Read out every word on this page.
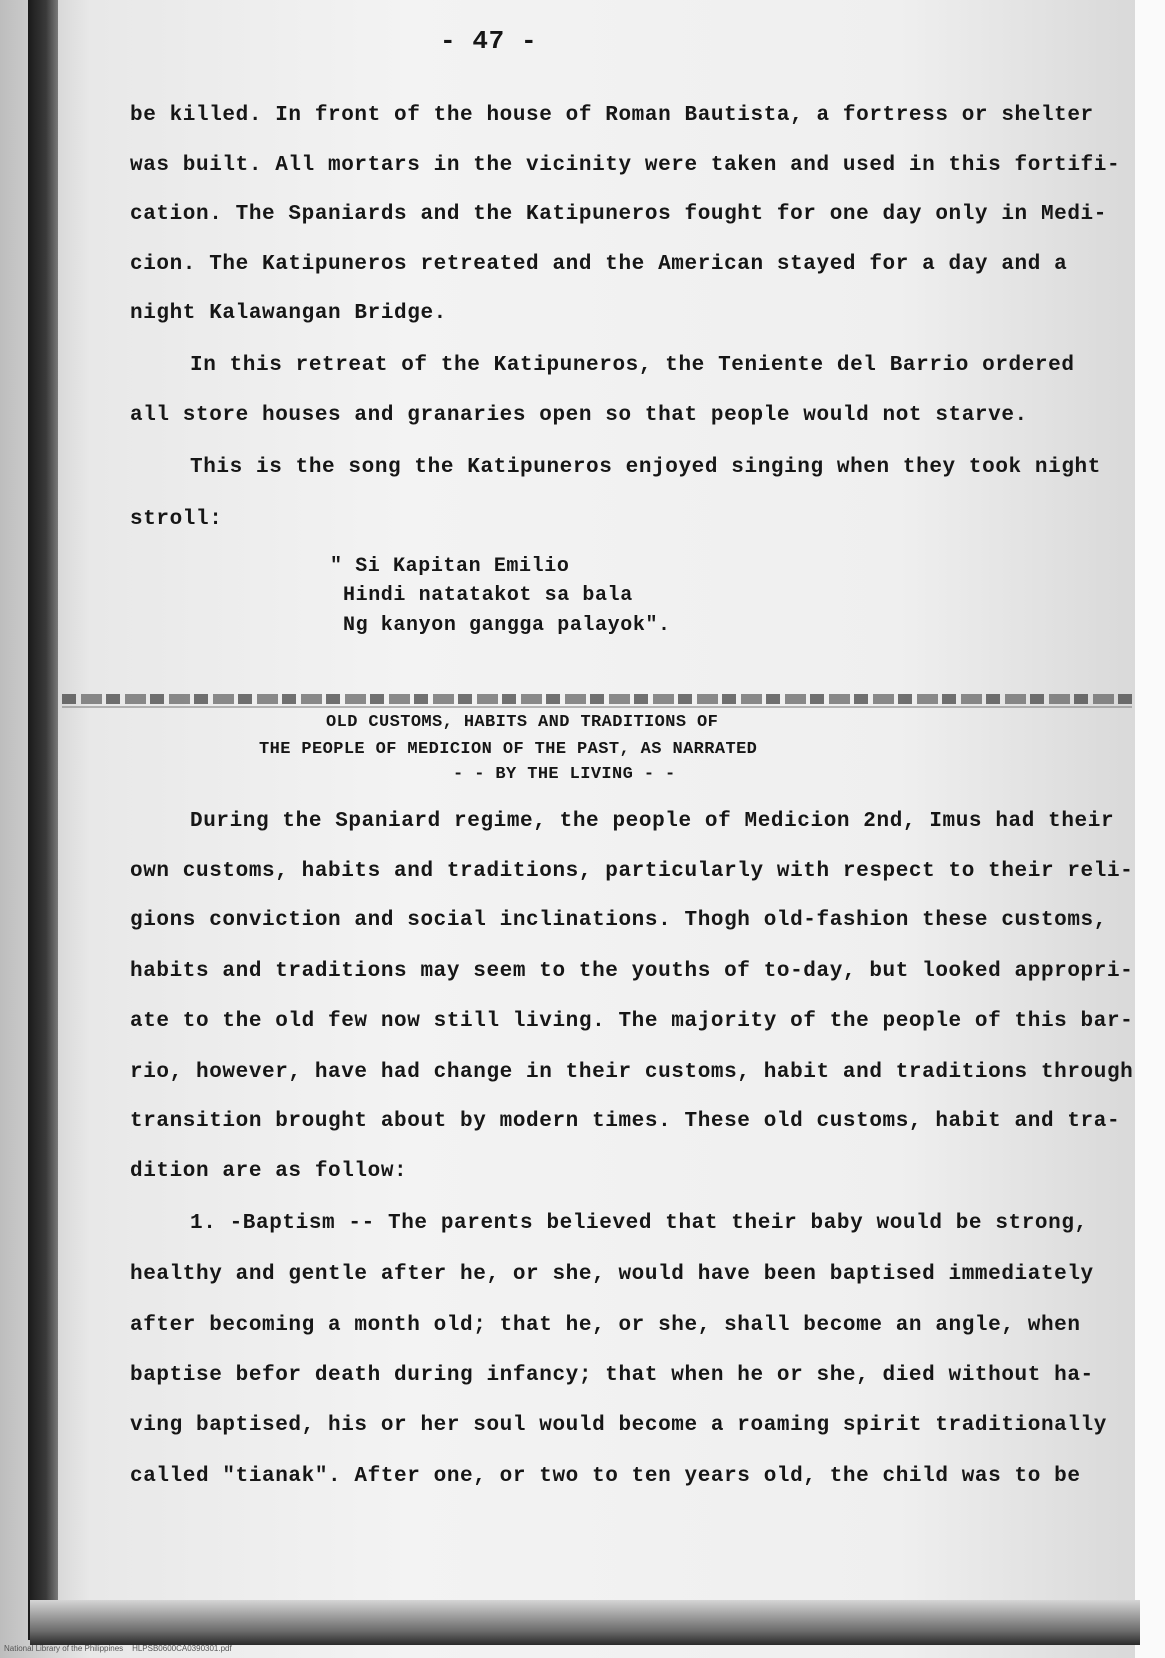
- 47 -
be killed. In front of the house of Roman Bautista, a fortress or shelter
was built. All mortars in the vicinity were taken and used in this fortifi-
cation. The Spaniards and the Katipuneros fought for one day only in Medi-
cion. The Katipuneros retreated and the American stayed for a day and a
night Kalawangan Bridge.
In this retreat of the Katipuneros, the Teniente del Barrio ordered
all store houses and granaries open so that people would not starve.
This is the song the Katipuneros enjoyed singing when they took night
stroll:
" Si Kapitan Emilio
Hindi natatakot sa bala
Ng kanyon gangga palayok".
OLD CUSTOMS, HABITS AND TRADITIONS OF
THE PEOPLE OF MEDICION OF THE PAST, AS NARRATED
- - BY THE LIVING - -
During the Spaniard regime, the people of Medicion 2nd, Imus had their
own customs, habits and traditions, particularly with respect to their reli-
gions conviction and social inclinations. Thogh old-fashion these customs,
habits and traditions may seem to the youths of to-day, but looked appropri-
ate to the old few now still living. The majority of the people of this bar-
rio, however, have had change in their customs, habit and traditions through
transition brought about by modern times. These old customs, habit and tra-
dition are as follow:
1. -Baptism -- The parents believed that their baby would be strong,
healthy and gentle after he, or she, would have been baptised immediately
after becoming a month old; that he, or she, shall become an angle, when
baptise befor death during infancy; that when he or she, died without ha-
ving baptised, his or her soul would become a roaming spirit traditionally
called "tianak". After one, or two to ten years old, the child was to be
National Library of the Philippines    HLPSB0600CA0390301.pdf
